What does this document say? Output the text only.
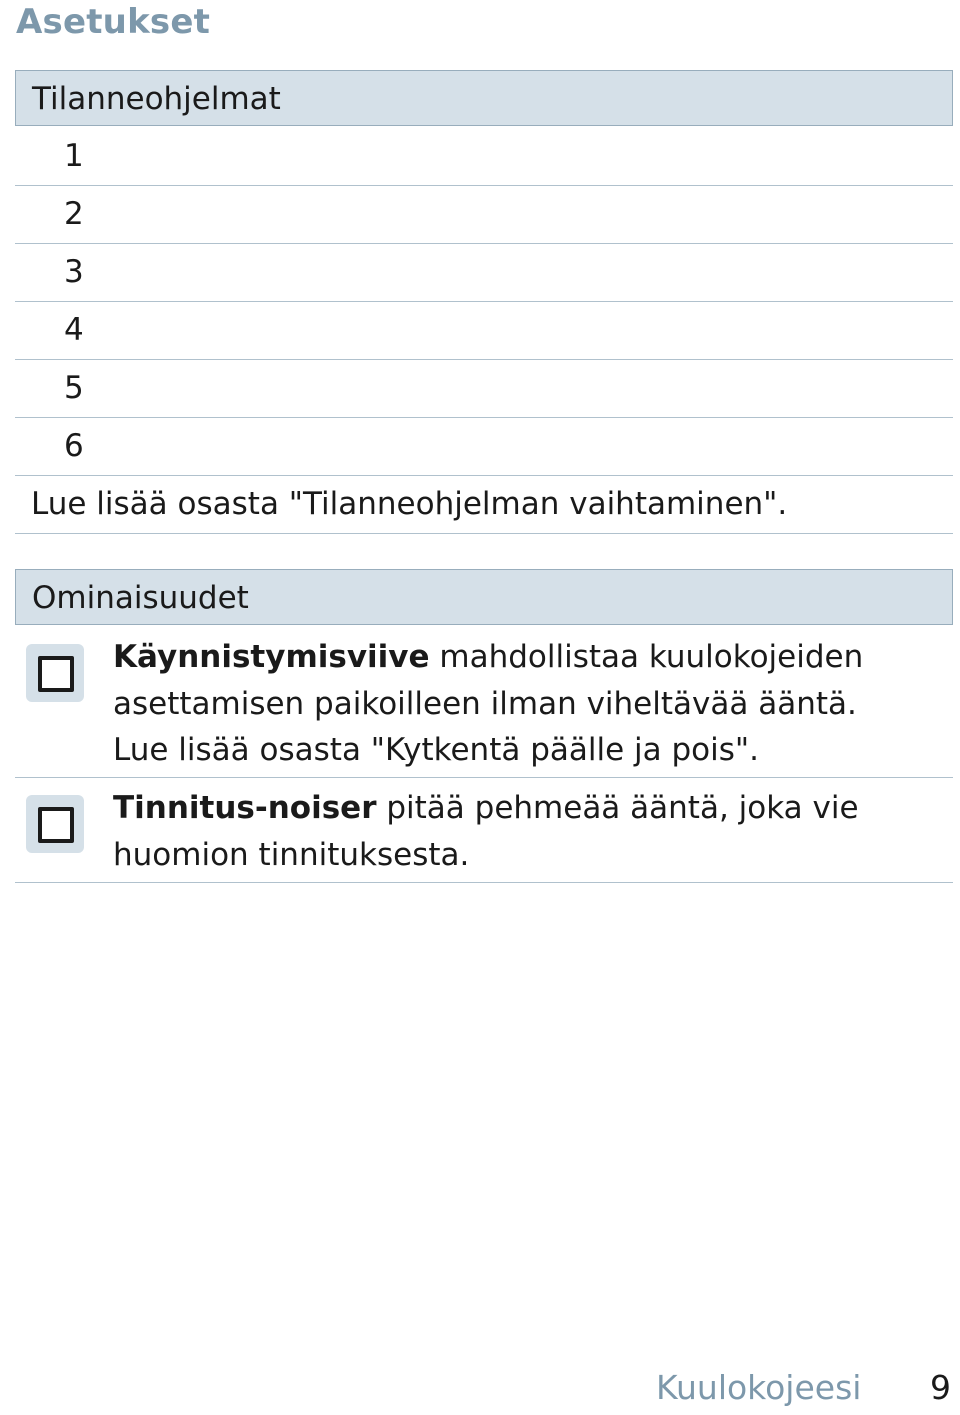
Asetukset
Tilanneohjelmat
1
2
3
4
5
6
Lue lisää osasta "Tilanneohjelman vaihtaminen".
Ominaisuudet
Käynnistymisviive mahdollistaa kuulokojeiden
asettamisen paikoilleen ilman viheltävää ääntä.
Lue lisää osasta "Kytkentä päälle ja pois".
Tinnitus-noiser pitää pehmeää ääntä, joka vie
huomion tinnituksesta.
Kuulokojeesi 9
